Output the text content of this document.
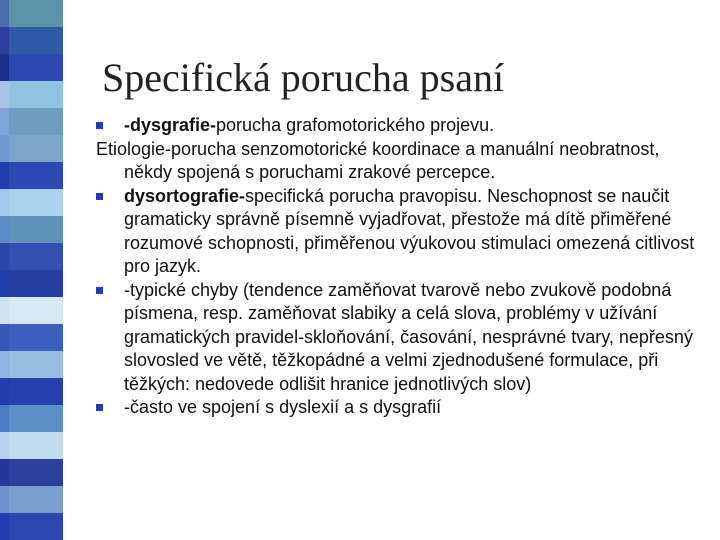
Specifická porucha psaní

-dysgrafie-porucha grafomotorického projevu.

Etiologie-porucha senzomotorické koordinace a manuální neobratnost, někdy spojená s poruchami zrakové percepce.

dysortografie-specifická porucha pravopisu. Neschopnost se naučit gramaticky správně písemně vyjadřovat, přestože má dítě přiměřené rozumové schopnosti, přiměřenou výukovou stimulaci omezená citlivost pro jazyk.

-typické chyby (tendence zaměňovat tvarově nebo zvukově podobná písmena, resp. zaměňovat slabiky a celá slova, problémy v užívání gramatických pravidel-skloňování, časování, nesprávné tvary, nepřesný slovosled ve větě, těžkopádné a velmi zjednodušené formulace, při těžkých: nedovede odlišit hranice jednotlivých slov)

-často ve spojení s dyslexií a s dysgrafií
